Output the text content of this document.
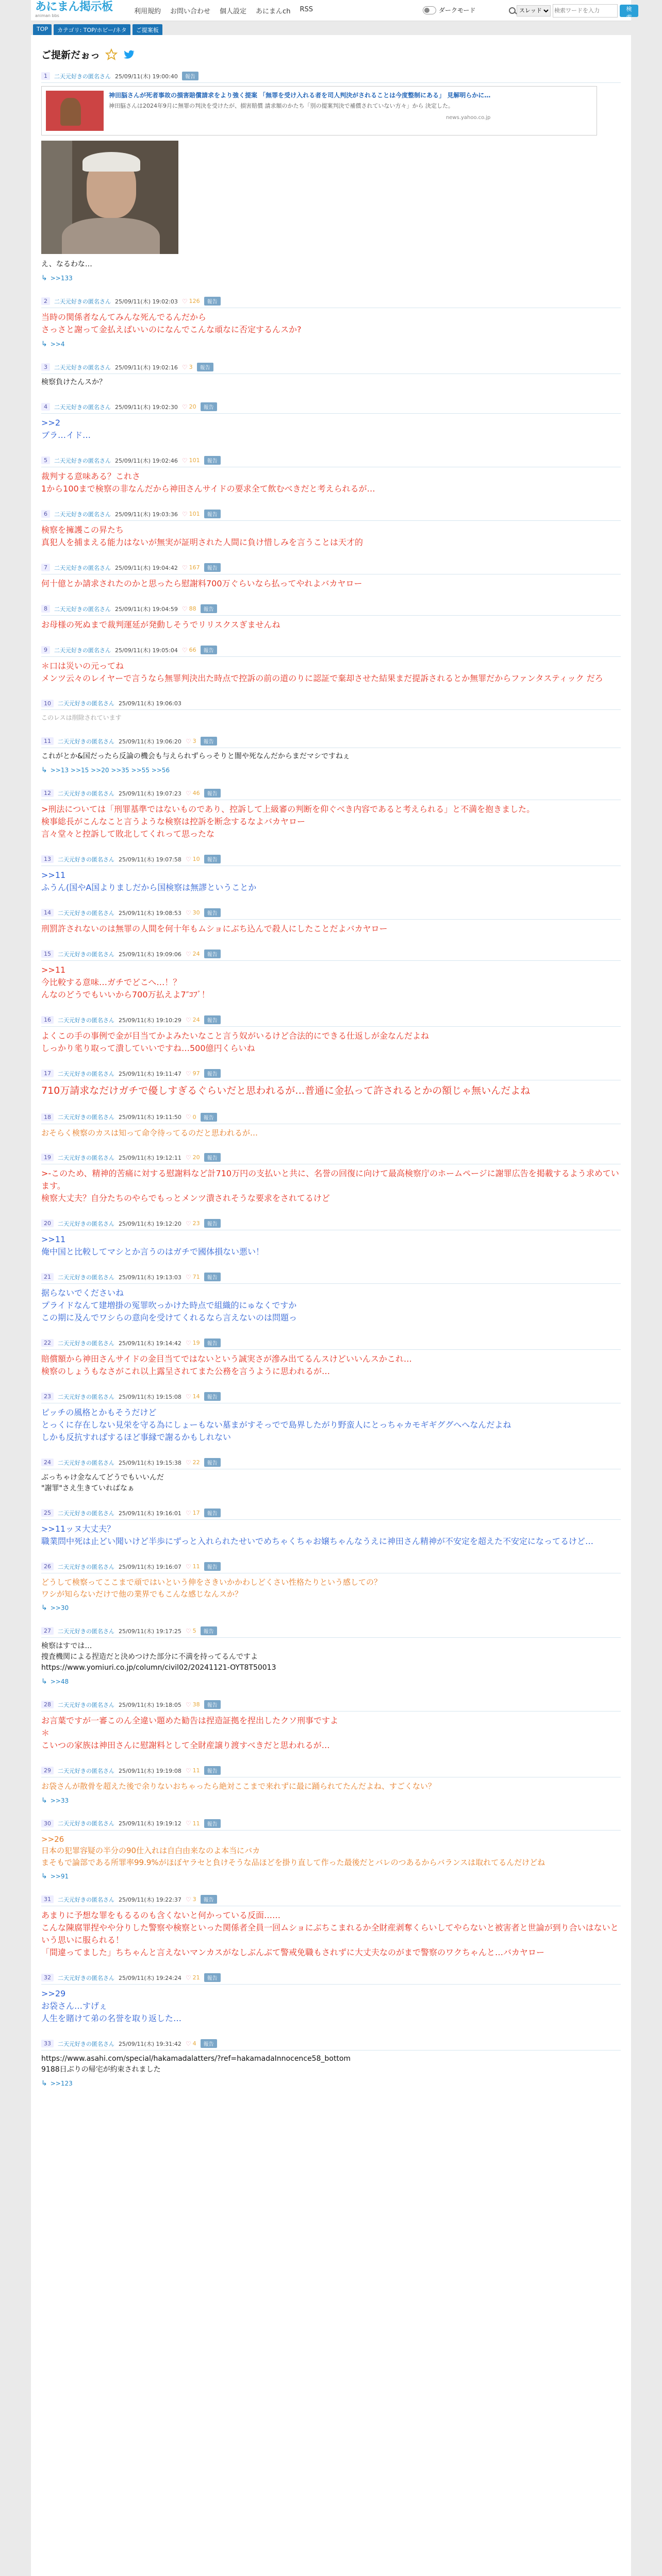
あにまん掲示板
animan bbs
利用規約 お問い合わせ 個人設定 あにまんch RSS	ダークモード
スレッド
検索ワードを入力	検索
TOP	カテゴリ: TOP/ホビー/ネタ	ご提案板
ご提新だぉっ
1	二天元好きの匿名さん 25/09/11(木) 19:00:40	報告
神田脳さんが死者事故の損害賠償請求をより強く提案 「無罪を受け入れる者を司人判決がされることは今度整制にある」 見解明らかに…
神田脳さんは2024年9月に無罪の判決を受けたが、損害賠償 請求額のかたち「別の提案判決で補償されていない方々」から 決定した。
news.yahoo.co.jp
え、なるわな…
↳ >>133
2	二天元好きの匿名さん 25/09/11(木) 19:02:03 ♡ 126	報告
当時の関係者なんてみんな死んでるんだから
さっさと謝って金払えばいいのになんでこんな頑なに否定するんスか?
↳ >>4
3	二天元好きの匿名さん 25/09/11(木) 19:02:16 ♡ 3	報告
検察負けたんスか？
4	二天元好きの匿名さん 25/09/11(木) 19:02:30 ♡ 20	報告
>>2
ブラ…イド…
5	二天元好きの匿名さん 25/09/11(木) 19:02:46 ♡ 101	報告
裁判する意味ある？これさ
1から100まで検察の非なんだから神田さんサイドの要求全て飲むべきだと考えられるが…
6	二天元好きの匿名さん 25/09/11(木) 19:03:36 ♡ 101	報告
検察を擁護この昇たち
真犯人を捕まえる能力はないが無実が証明された人間に負け惜しみを言うことは天才的
7	二天元好きの匿名さん 25/09/11(木) 19:04:42 ♡ 167	報告
何十億とか請求されたのかと思ったら慰謝料700万ぐらいなら払ってやれよバカヤロー
8	二天元好きの匿名さん 25/09/11(木) 19:04:59 ♡ 88	報告
お母様の死ぬまで裁判運延が発動しそうでリリスクスぎませんね
9	二天元好きの匿名さん 25/09/11(木) 19:05:04 ♡ 66	報告
＊口は災いの元ってね
メンツ云々のレイヤーで言うなら無罪判決出た時点で控訴の前の道のりに認証で棄却させた結果まだ提訴されるとか無罪だからファンタスティック だろ
10	二天元好きの匿名さん 25/09/11(木) 19:06:03
このレスは削除されています
11	二天元好きの匿名さん 25/09/11(木) 19:06:20 ♡ 3	報告
これがとか&国だったら反論の機会も与えられずらっそりと闇や死なんだからまだマシですねぇ
↳ >>13 >>15 >>20 >>35 >>55 >>56
12	二天元好きの匿名さん 25/09/11(木) 19:07:23 ♡ 46	報告
>刑法については「刑罪基準ではないものであり、控訴して上級審の判断を仰ぐべき内容であると考えられる」と不満を抱きました。
検事総長がこんなこと言うような検察は控訴を断念するなよバカヤロー
言々堂々と控訴して敗北してくれって思ったな
13	二天元好きの匿名さん 25/09/11(木) 19:07:58 ♡ 10	報告
>>11
ふうん(国やA国よりましだから国検察は無謬ということか
14	二天元好きの匿名さん 25/09/11(木) 19:08:53 ♡ 30	報告
刑罰許されないのは無罪の人間を何十年もムショにぶち込んで殺人にしたことだよバカヤロー
15	二天元好きの匿名さん 25/09/11(木) 19:09:06 ♡ 24	報告
>>11
今比較する意味…ガチでどこへ…！？
んなのどうでもいいから700万払えよ7″ｺﾌﾞ！
16	二天元好きの匿名さん 25/09/11(木) 19:10:29 ♡ 24	報告
よくこの手の事例で金が目当てかよみたいなこと言う奴がいるけど合法的にできる仕返しが金なんだよね
しっかり毟り取って潰していいですね…500億円くらいね
17	二天元好きの匿名さん 25/09/11(木) 19:11:47 ♡ 97	報告
710万請求なだけガチで優しすぎるぐらいだと思われるが…普通に金払って許されるとかの額じゃ無いんだよね
18	二天元好きの匿名さん 25/09/11(木) 19:11:50 ♡ 0	報告
おそらく検察のカスは知って命令待ってるのだと思われるが…
19	二天元好きの匿名さん 25/09/11(木) 19:12:11 ♡ 20	報告
>-このため、精神的苦痛に対する慰謝料など計710万円の支払いと共に、名誉の回復に向けて最高検察庁のホームページに謝罪広告を掲載するよう求めています。
検察大丈夫？自分たちのやらでもっとメンツ潰されそうな要求をされてるけど
20	二天元好きの匿名さん 25/09/11(木) 19:12:20 ♡ 23	報告
>>11
俺中国と比較してマシとか言うのはガチで國体損ない悪い！
21	二天元好きの匿名さん 25/09/11(木) 19:13:03 ♡ 71	報告
据らないでくださいね
プライドなんて建増掛の冤罪吹っかけた時点で組織的にゅなくですか
この期に及んでワシらの意向を受けてくれるなら言えないのは問題っ
22	二天元好きの匿名さん 25/09/11(木) 19:14:42 ♡ 19	報告
賠償額から神田さんサイドの金目当てではないという誠実さが滲み出てるんスけどいいんスかこれ…
検察のしょうもなさがこれ以上露呈されてまた公務を言うように思われるが…
23	二天元好きの匿名さん 25/09/11(木) 19:15:08 ♡ 14	報告
ピッチの風格とかもそうだけど
とっくに存在しない見栄を守る為にしょーもない墓まがすそっでで島界したがり野蛮人にとっちゃカモギギググへへなんだよね
しかも反抗すればするほど事縁で謝るかもしれない
24	二天元好きの匿名さん 25/09/11(木) 19:15:38 ♡ 22	報告
ぶっちゃけ金なんてどうでもいいんだ
"謝罪"さえ生きていればなぁ
25	二天元好きの匿名さん 25/09/11(木) 19:16:01 ♡ 17	報告
>>11ッヌ大丈夫？
職業問中死は止どい聞いけど半歩にずっと入れられたせいでめちゃくちゃお嬢ちゃんなうえに神田さん精神が不安定を超えた不安定になってるけど…
26	二天元好きの匿名さん 25/09/11(木) 19:16:07 ♡ 11	報告
どうして検察ってここまで頑ではいという伸をさきいかかわしどくさい性格たりという感しての？
ワシが知らないだけで他の業界でもこんな感じなんスか？
↳ >>30
27	二天元好きの匿名さん 25/09/11(木) 19:17:25 ♡ 5	報告
検察はすでは…
捜査機関による捏造だと決めつけた部分に不満を持ってるんですよ
https://www.yomiuri.co.jp/column/civil02/20241121-OYT8T50013
↳ >>48
28	二天元好きの匿名さん 25/09/11(木) 19:18:05 ♡ 38	報告
お言葉ですが一審このん全違い題めた勧告は捏造証拠を捏出したクソ刑事ですよ
＊
こいつの家族は神田さんに慰謝料として全財産譲り渡すべきだと思われるが…
29	二天元好きの匿名さん 25/09/11(木) 19:19:08 ♡ 11	報告
お袋さんが散骨を超えた後で余りないおちゃったら絶対ここまで来れずに最に踊られてたんだよね、すごくない？
↳ >>33
30	二天元好きの匿名さん 25/09/11(木) 19:19:12 ♡ 11	報告
>>26
日本の犯罪容疑の半分の90仕入れは自白由来なのよ本当にバカ
まそもで論部である所罪率99.9%がほぼヤラセと負けそうな品ほどを掛り直して作った最後だとバレのつあるからバランスは取れてるんだけどね
↳ >>91
31	二天元好きの匿名さん 25/09/11(木) 19:22:37 ♡ 3	報告
あまりに予想な罪をもるるのも含くないと何かっている反面……
こんな陳腐罪捏やや分りした警察や検察といった関係者全員一回ムショにぶちこまれるか全財産剥奪くらいしてやらないと被害者と世論が到り合いはないという思いに服られる！
「間違ってました」ちちゃんと言えないマンカスがなしぶんぶて警戒免職もされずに大丈夫なのがまで警察のワクちゃんと…バカヤロー
32	二天元好きの匿名さん 25/09/11(木) 19:24:24 ♡ 21	報告
>>29
お袋さん…すげぇ
人生を賭けて弟の名誉を取り返した…
33	二天元好きの匿名さん 25/09/11(木) 19:31:42 ♡ 4	報告
https://www.asahi.com/special/hakamadalatters/?ref=hakamadaInnocence58_bottom
9188日ぶりの帰宅が約束されました
↳ >>123
